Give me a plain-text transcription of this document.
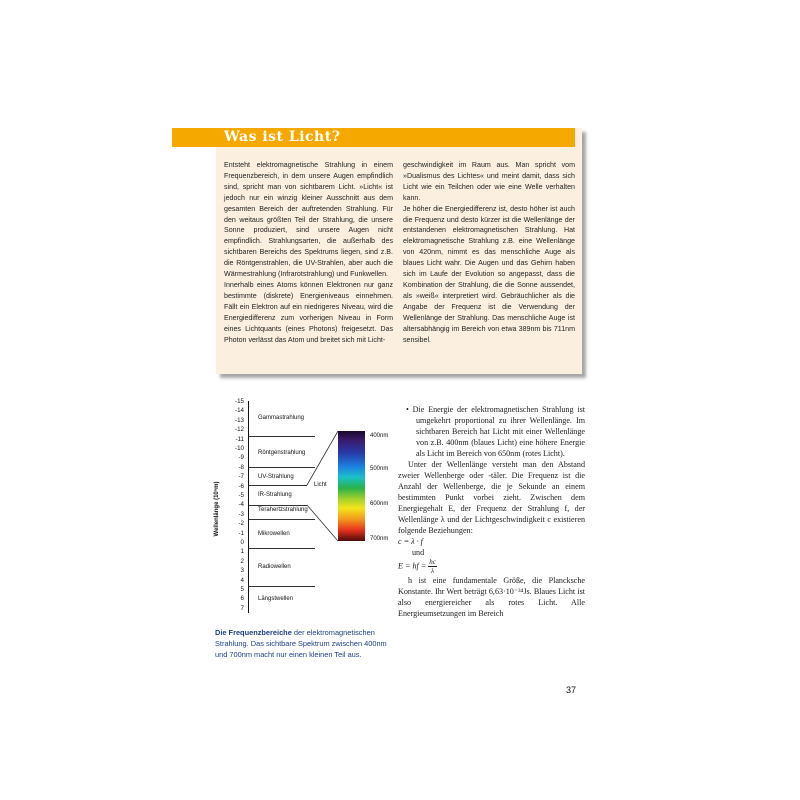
Was ist Licht?

Entsteht elektromagnetische Strahlung in einem Frequenzbereich, in dem unsere Augen empfindlich sind, spricht man von sichtbarem Licht. »Licht« ist jedoch nur ein winzig kleiner Ausschnitt aus dem gesamten Bereich der auftretenden Strahlung. Für den weitaus größten Teil der Strahlung, die unsere Sonne produziert, sind unsere Augen nicht empfindlich. Strahlungsarten, die außerhalb des sichtbaren Bereichs des Spektrums liegen, sind z.B. die Röntgenstrahlen, die UV-Strahlen, aber auch die Wärmestrahlung (Infrarotstrahlung) und Funkwellen.

Innerhalb eines Atoms können Elektronen nur ganz bestimmte (diskrete) Energieniveaus einnehmen. Fällt ein Elektron auf ein niedrigeres Niveau, wird die Energiedifferenz zum vorherigen Niveau in Form eines Lichtquants (eines Photons) freigesetzt. Das Photon verlässt das Atom und breitet sich mit Licht-

geschwindigkeit im Raum aus. Man spricht vom »Dualismus des Lichtes« und meint damit, dass sich Licht wie ein Teilchen oder wie eine Welle verhalten kann.

Je höher die Energiedifferenz ist, desto höher ist auch die Frequenz und desto kürzer ist die Wellenlänge der entstandenen elektromagnetischen Strahlung. Hat elektromagnetische Strahlung z.B. eine Wellenlänge von 420nm, nimmt es das menschliche Auge als blaues Licht wahr. Die Augen und das Gehirn haben sich im Laufe der Evolution so angepasst, dass die Kombination der Strahlung, die die Sonne aussendet, als »weiß« interpretiert wird. Gebräuchlicher als die Angabe der Frequenz ist die Verwendung der Wellenlänge der Strahlung. Das menschliche Auge ist altersabhängig im Bereich von etwa 389nm bis 711nm sensibel.

Wellenlänge (10ⁿm)
-15
-14
-13
-12
-11
-10
-9
-8
-7
-6
-5
-4
-3
-2
-1
0
1
2
3
4
5
6
7
Gammastrahlung
Röntgenstrahlung
UV-Strahlung
IR-Strahlung
Terahertzstrahlung
Mikrowellen
Radiowellen
Längstwellen
Licht
400nm
500nm
600nm
700nm
Die Frequenzbereiche der elektromagnetischen Strahlung. Das sichtbare Spektrum zwischen 400nm und 700nm macht nur einen kleinen Teil aus.

• Die Energie der elektromagnetischen Strahlung ist umgekehrt proportional zu ihrer Wellenlänge. Im sichtbaren Bereich hat Licht mit einer Wellenlänge von z.B. 400nm (blaues Licht) eine höhere Energie als Licht im Bereich von 650nm (rotes Licht).

Unter der Wellenlänge versteht man den Abstand zweier Wellenberge oder -täler. Die Frequenz ist die Anzahl der Wellenberge, die je Sekunde an einem bestimmten Punkt vorbei zieht. Zwischen dem Energiegehalt E, der Frequenz der Strahlung f, der Wellenlänge λ und der Lichtgeschwindigkeit c existieren folgende Beziehungen:

c = λ · f

und

E = hf = $\frac{hc}{\lambda}$

h ist eine fundamentale Größe, die Plancksche Konstante. Ihr Wert beträgt 6,63·10⁻³⁴Js. Blaues Licht ist also energiereicher als rotes Licht. Alle Energieumsetzungen im Bereich

37
